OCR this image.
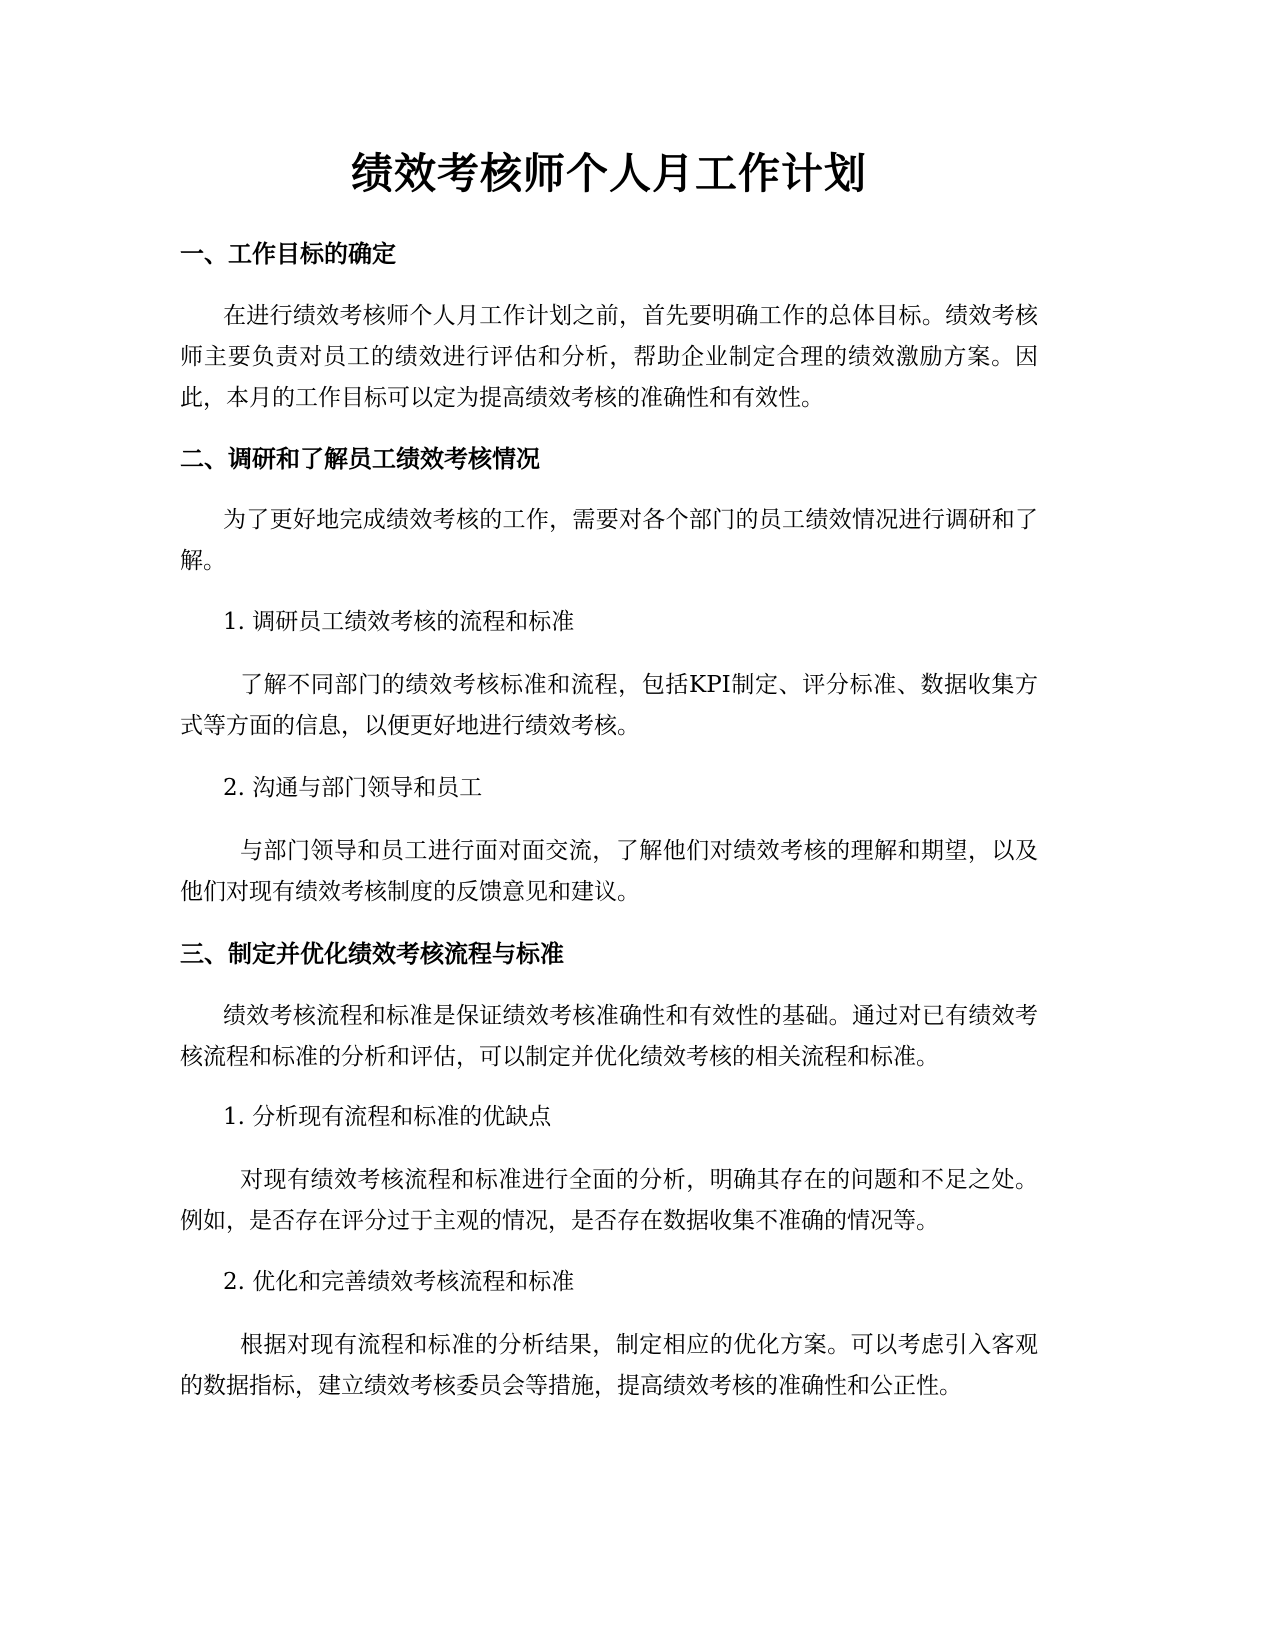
绩效考核师个人月工作计划
一、工作目标的确定

在进行绩效考核师个人月工作计划之前，首先要明确工作的总体目标。绩效考核师主要负责对员工的绩效进行评估和分析，帮助企业制定合理的绩效激励方案。因此，本月的工作目标可以定为提高绩效考核的准确性和有效性。

二、调研和了解员工绩效考核情况

为了更好地完成绩效考核的工作，需要对各个部门的员工绩效情况进行调研和了解。

1. 调研员工绩效考核的流程和标准

了解不同部门的绩效考核标准和流程，包括KPI制定、评分标准、数据收集方式等方面的信息，以便更好地进行绩效考核。

2. 沟通与部门领导和员工

与部门领导和员工进行面对面交流，了解他们对绩效考核的理解和期望，以及他们对现有绩效考核制度的反馈意见和建议。

三、制定并优化绩效考核流程与标准

绩效考核流程和标准是保证绩效考核准确性和有效性的基础。通过对已有绩效考核流程和标准的分析和评估，可以制定并优化绩效考核的相关流程和标准。

1. 分析现有流程和标准的优缺点

对现有绩效考核流程和标准进行全面的分析，明确其存在的问题和不足之处。例如，是否存在评分过于主观的情况，是否存在数据收集不准确的情况等。

2. 优化和完善绩效考核流程和标准

根据对现有流程和标准的分析结果，制定相应的优化方案。可以考虑引入客观的数据指标，建立绩效考核委员会等措施，提高绩效考核的准确性和公正性。
